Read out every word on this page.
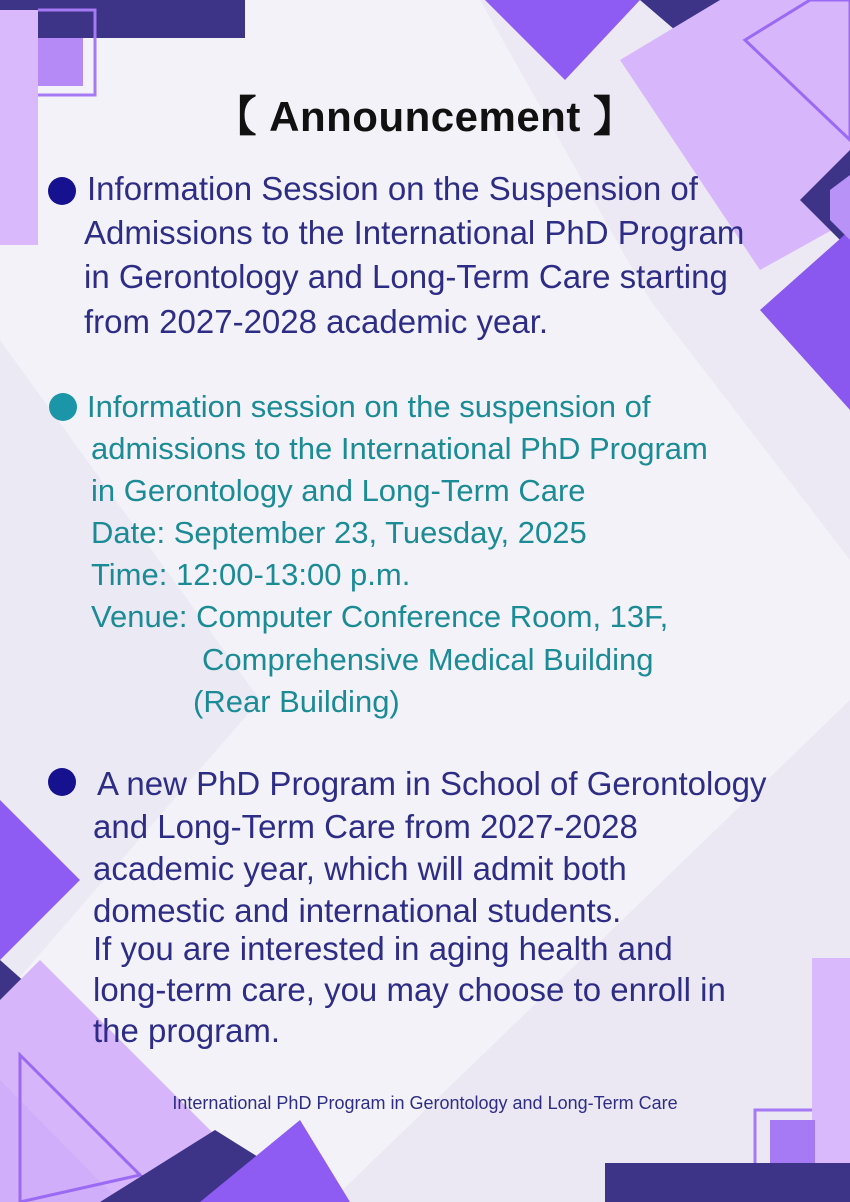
【 Announcement 】
Information Session on the Suspension of
Admissions to the International PhD Program
in Gerontology and Long-Term Care starting
from 2027-2028 academic year.
Information session on the suspension of
admissions to the International PhD Program
in Gerontology and Long-Term Care
Date: September 23, Tuesday, 2025
Time: 12:00-13:00 p.m.
Venue: Computer Conference Room, 13F,
Comprehensive Medical Building
(Rear Building)
A new PhD Program in School of Gerontology
and Long-Term Care from 2027-2028
academic year, which will admit both
domestic and international students.
If you are interested in aging health and
long-term care, you may choose to enroll in
the program.
International PhD Program in Gerontology and Long-Term Care
